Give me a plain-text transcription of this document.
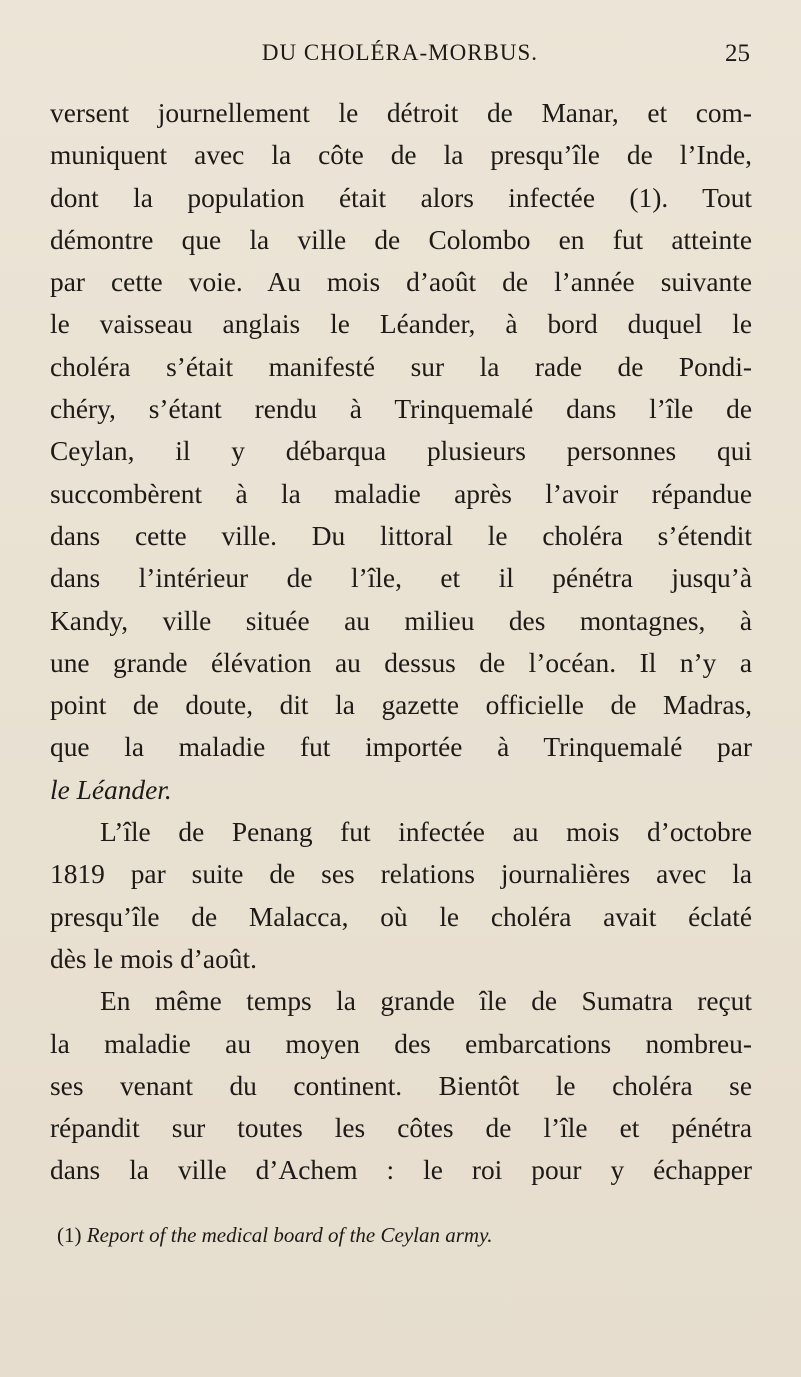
DU CHOLÉRA-MORBUS.	25
versent journellement le détroit de Manar, et com-
muniquent avec la côte de la presqu’île de l’Inde,
dont la population était alors infectée (1). Tout
démontre que la ville de Colombo en fut atteinte
par cette voie. Au mois d’août de l’année suivante
le vaisseau anglais le Léander, à bord duquel le
choléra s’était manifesté sur la rade de Pondi-
chéry, s’étant rendu à Trinquemalé dans l’île de
Ceylan, il y débarqua plusieurs personnes qui
succombèrent à la maladie après l’avoir répandue
dans cette ville. Du littoral le choléra s’étendit
dans l’intérieur de l’île, et il pénétra jusqu’à
Kandy, ville située au milieu des montagnes, à
une grande élévation au dessus de l’océan. Il n’y a
point de doute, dit la gazette officielle de Madras,
que la maladie fut importée à Trinquemalé par
le Léander.
L’île de Penang fut infectée au mois d’octobre
1819 par suite de ses relations journalières avec la
presqu’île de Malacca, où le choléra avait éclaté
dès le mois d’août.
En même temps la grande île de Sumatra reçut
la maladie au moyen des embarcations nombreu-
ses venant du continent. Bientôt le choléra se
répandit sur toutes les côtes de l’île et pénétra
dans la ville d’Achem : le roi pour y échapper
(1) Report of the medical board of the Ceylan army.
